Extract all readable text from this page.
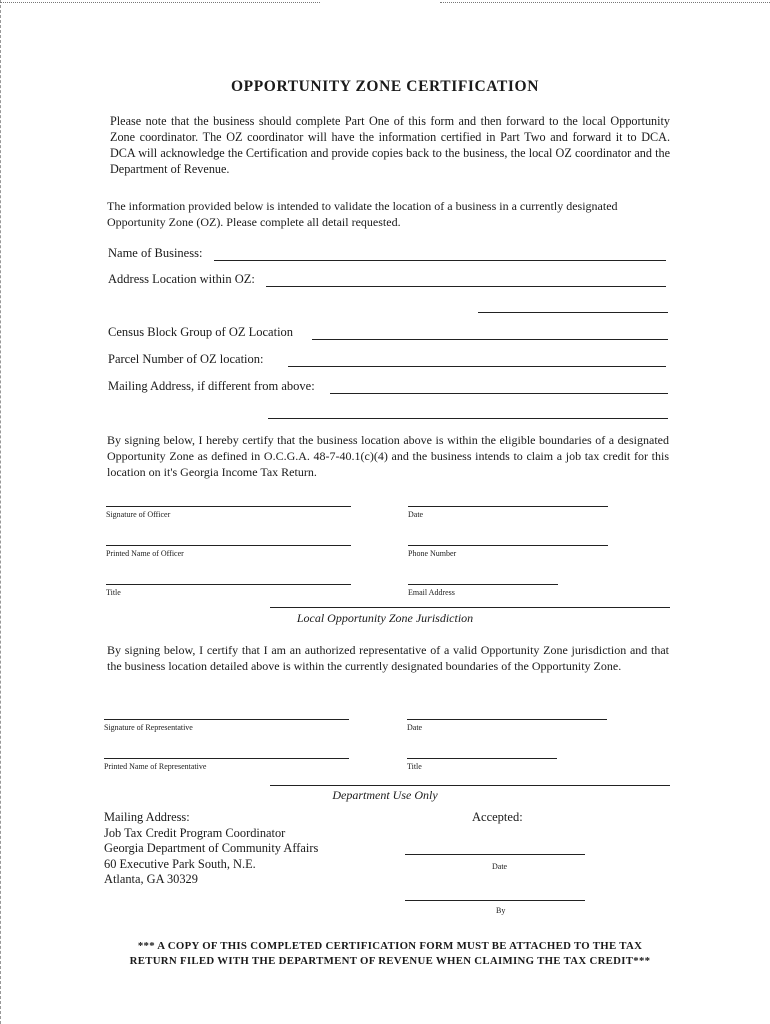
OPPORTUNITY ZONE CERTIFICATION
Please note that the business should complete Part One of this form and then forward to the local Opportunity Zone coordinator. The OZ coordinator will have the information certified in Part Two and forward it to DCA. DCA will acknowledge the Certification and provide copies back to the business, the local OZ coordinator and the Department of Revenue.
The information provided below is intended to validate the location of a business in a currently designated Opportunity Zone (OZ). Please complete all detail requested.
Name of Business:
Address Location within OZ:
Census Block Group of OZ Location
Parcel Number of OZ location:
Mailing Address, if different from above:
By signing below, I hereby certify that the business location above is within the eligible boundaries of a designated Opportunity Zone as defined in O.C.G.A. 48-7-40.1(c)(4) and the business intends to claim a job tax credit for this location on it's Georgia Income Tax Return.
Signature of Officer	Date
Printed Name of Officer	Phone Number
Title	Email Address
Local Opportunity Zone Jurisdiction
By signing below, I certify that I am an authorized representative of a valid Opportunity Zone jurisdiction and that the business location detailed above is within the currently designated boundaries of the Opportunity Zone.
Signature of Representative	Date
Printed Name of Representative	Title
Department Use Only
Mailing Address:
Job Tax Credit Program Coordinator
Georgia Department of Community Affairs
60 Executive Park South, N.E.
Atlanta, GA 30329
Accepted:
Date
By
*** A COPY OF THIS COMPLETED CERTIFICATION FORM MUST BE ATTACHED TO THE TAX
RETURN FILED WITH THE DEPARTMENT OF REVENUE WHEN CLAIMING THE TAX CREDIT***
